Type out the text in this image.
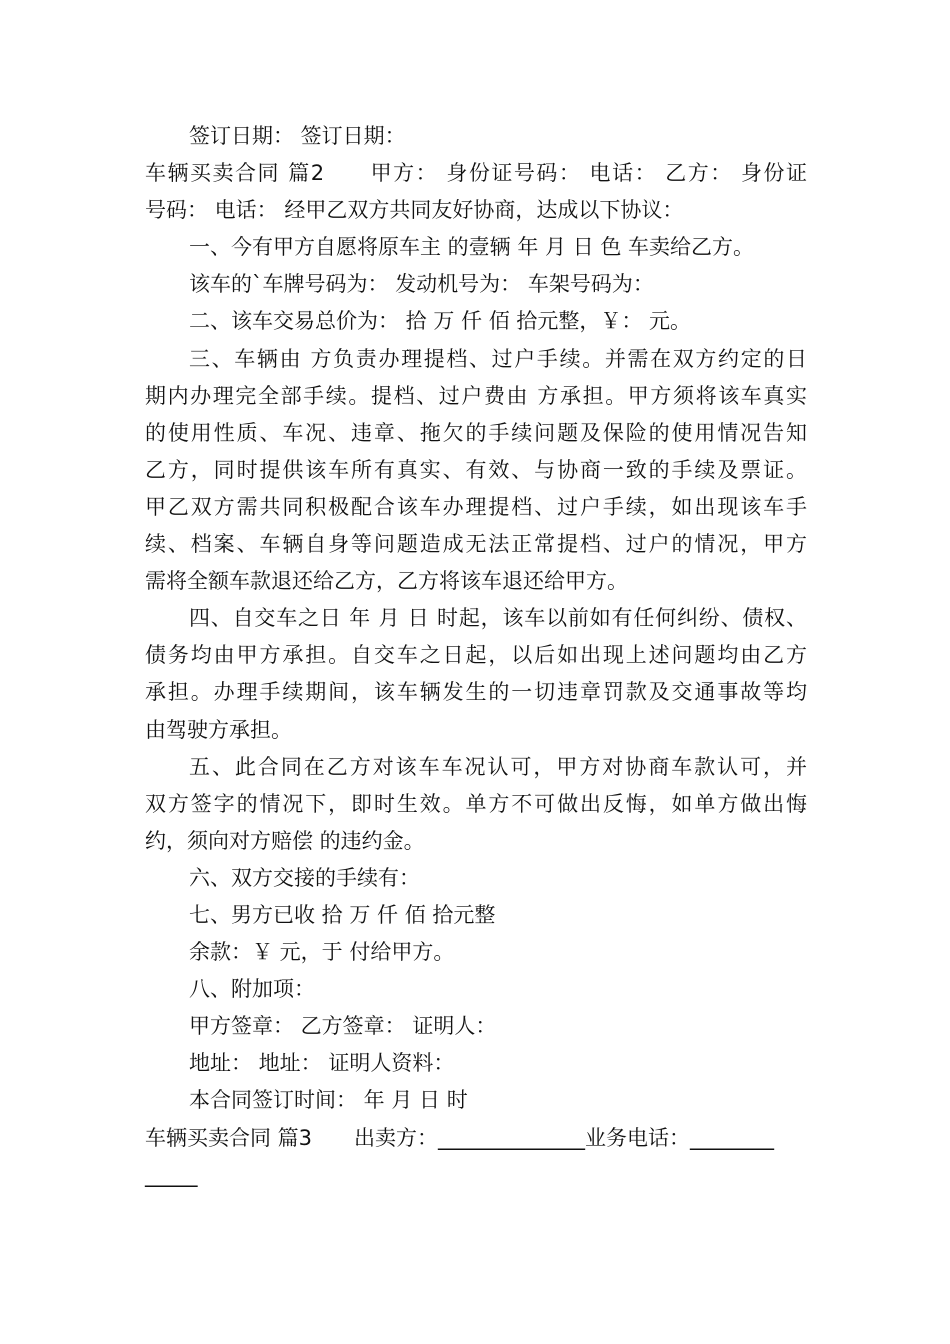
签订日期： 签订日期：
车辆买卖合同 篇2　　甲方： 身份证号码： 电话： 乙方： 身份证
号码： 电话： 经甲乙双方共同友好协商，达成以下协议：
一、今有甲方自愿将原车主 的壹辆 年 月 日 色 车卖给乙方。
该车的`车牌号码为： 发动机号为： 车架号码为：
二、该车交易总价为： 拾 万 仟 佰 拾元整，￥： 元。
三、车辆由 方负责办理提档、过户手续。并需在双方约定的日
期内办理完全部手续。提档、过户费由 方承担。甲方须将该车真实
的使用性质、车况、违章、拖欠的手续问题及保险的使用情况告知
乙方，同时提供该车所有真实、有效、与协商一致的手续及票证。
甲乙双方需共同积极配合该车办理提档、过户手续，如出现该车手
续、档案、车辆自身等问题造成无法正常提档、过户的情况，甲方
需将全额车款退还给乙方，乙方将该车退还给甲方。
四、自交车之日 年 月 日 时起，该车以前如有任何纠纷、债权、
债务均由甲方承担。自交车之日起，以后如出现上述问题均由乙方
承担。办理手续期间，该车辆发生的一切违章罚款及交通事故等均
由驾驶方承担。
五、此合同在乙方对该车车况认可，甲方对协商车款认可，并
双方签字的情况下，即时生效。单方不可做出反悔，如单方做出悔
约，须向对方赔偿 的违约金。
六、双方交接的手续有：
七、男方已收 拾 万 仟 佰 拾元整
余款：￥ 元，于 付给甲方。
八、附加项：
甲方签章： 乙方签章： 证明人：
地址： 地址： 证明人资料：
本合同签订时间： 年 月 日 时
车辆买卖合同 篇3　　出卖方：______________业务电话：________
_____
